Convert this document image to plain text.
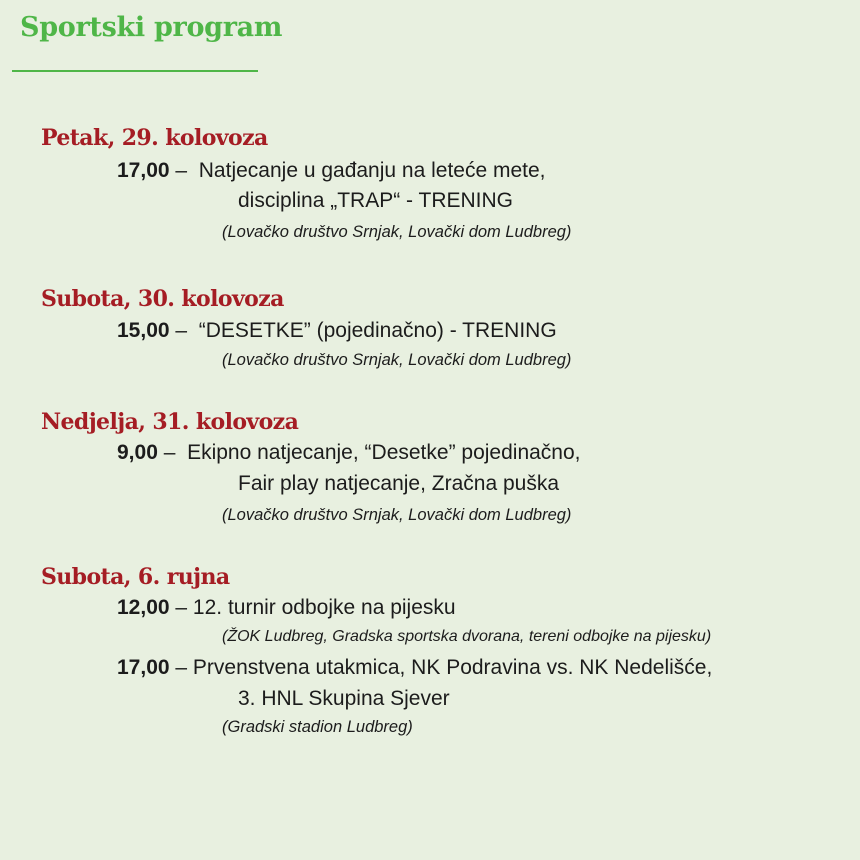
Sportski program
Petak, 29. kolovoza
17,00 –  Natjecanje u gađanju na leteće mete,
disciplina „TRAP“ - TRENING
(Lovačko društvo Srnjak, Lovački dom Ludbreg)
Subota, 30. kolovoza
15,00 –  “DESETKE” (pojedinačno) - TRENING
(Lovačko društvo Srnjak, Lovački dom Ludbreg)
Nedjelja, 31. kolovoza
9,00 –  Ekipno natjecanje, “Desetke” pojedinačno,
Fair play natjecanje, Zračna puška
(Lovačko društvo Srnjak, Lovački dom Ludbreg)
Subota, 6. rujna
12,00 – 12. turnir odbojke na pijesku
(ŽOK Ludbreg, Gradska sportska dvorana, tereni odbojke na pijesku)
17,00 – Prvenstvena utakmica, NK Podravina vs. NK Nedelišće,
3. HNL Skupina Sjever
(Gradski stadion Ludbreg)
